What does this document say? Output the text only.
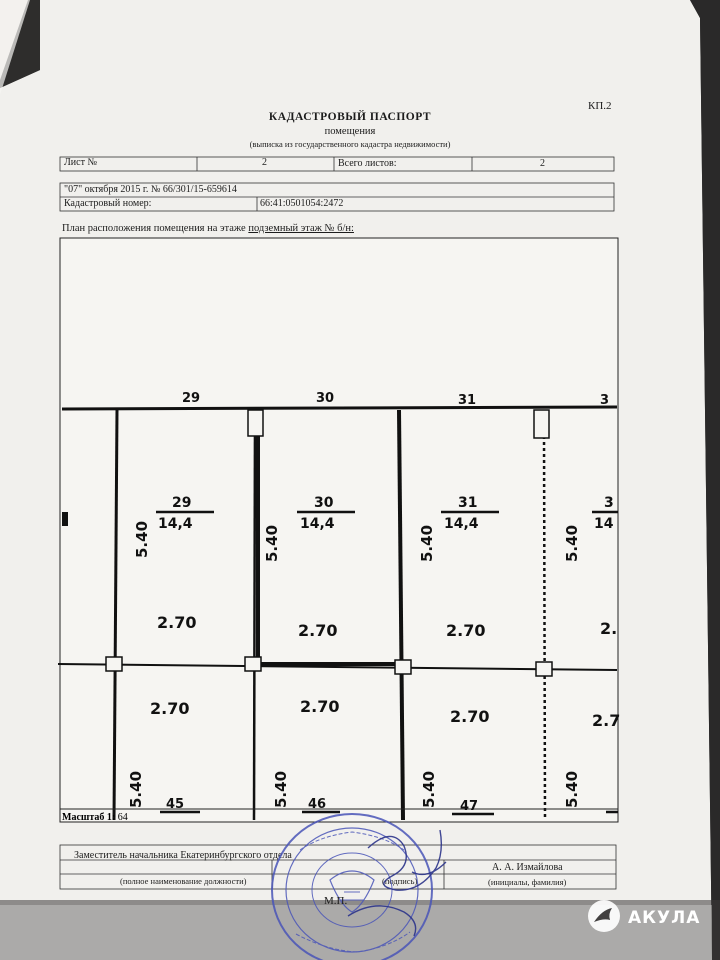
КП.2
КАДАСТРОВЫЙ ПАСПОРТ
помещения
(выписка из государственного кадастра недвижимости)
Лист №	2	Всего листов:	2
"07" октября 2015 г. № 66/301/15-659614
Кадастровый номер:	66:41:0501054:2472
План расположения помещения на этаже подземный этаж № б/н:
29	30	31	3
29
14,4
30
14,4
31
14,4
3
14
5.40	5.40	5.40	5.40
2.70	2.70	2.70	2.
2.70	2.70
2.70	2.7
5.40	5.40	5.40	5.40
45	46	47
Масштаб 1: 64
Заместитель начальника Екатеринбургского отдела
А. А. Измайлова
(полное наименование должности)	(подпись)	(инициалы, фамилия)
М.П.
АКУЛА
